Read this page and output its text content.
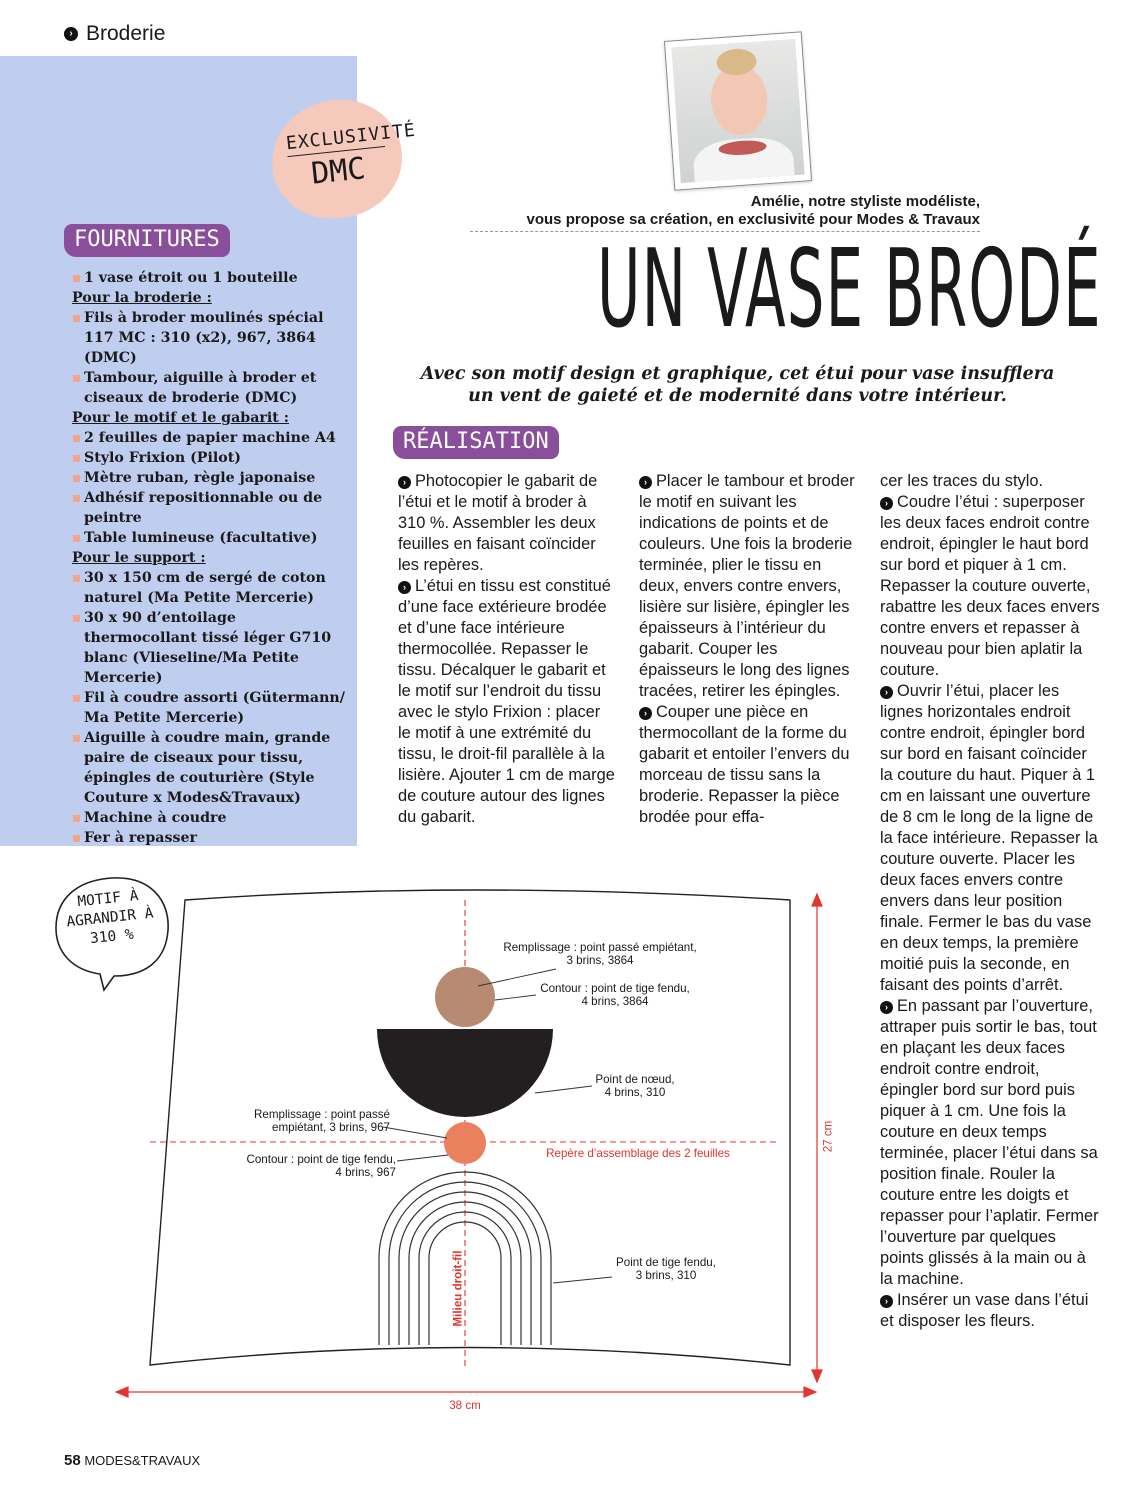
› Broderie
EXCLUSIVITÉ
DMC
FOURNITURES
1 vase étroit ou 1 bouteille
Pour la broderie :
Fils à broder moulinés spécial 117 MC : 310 (x2), 967, 3864 (DMC)
Tambour, aiguille à broder et ciseaux de broderie (DMC)
Pour le motif et le gabarit :
2 feuilles de papier machine A4
Stylo Frixion (Pilot)
Mètre ruban, règle japonaise
Adhésif repositionnable ou de peintre
Table lumineuse (facultative)
Pour le support :
30 x 150 cm de sergé de coton naturel (Ma Petite Mercerie)
30 x 90 d’entoilage thermocollant tissé léger G710 blanc (Vlieseline/Ma Petite Mercerie)
Fil à coudre assorti (Gütermann/ Ma Petite Mercerie)
Aiguille à coudre main, grande paire de ciseaux pour tissu, épingles de couturière (Style Couture x Modes&Travaux)
Machine à coudre
Fer à repasser
Amélie, notre styliste modéliste,
vous propose sa création, en exclusivité pour Modes & Travaux
UN VASE BRODÉ
Avec son motif design et graphique, cet étui pour vase insufflera
un vent de gaieté et de modernité dans votre intérieur.
RÉALISATION

› Photocopier le gabarit de l’étui et le motif à broder à 310 %. Assembler les deux feuilles en faisant coïncider les repères.

› L’étui en tissu est constitué d’une face extérieure brodée et d’une face intérieure thermocollée. Repasser le tissu. Décalquer le gabarit et le motif sur l’endroit du tissu avec le stylo Frixion : placer le motif à une extrémité du tissu, le droit-fil parallèle à la lisière. Ajouter 1 cm de marge de couture autour des lignes du gabarit.

› Placer le tambour et broder le motif en suivant les indications de points et de couleurs. Une fois la broderie terminée, plier le tissu en deux, envers contre envers, lisière sur lisière, épingler les épaisseurs à l’intérieur du gabarit. Couper les épaisseurs le long des lignes tracées, retirer les épingles.

› Couper une pièce en thermocollant de la forme du gabarit et entoiler l’envers du morceau de tissu sans la broderie. Repasser la pièce brodée pour effa-

cer les traces du stylo.

› Coudre l’étui : superposer les deux faces endroit contre endroit, épingler le haut bord sur bord et piquer à 1 cm. Repasser la couture ouverte, rabattre les deux faces envers contre envers et repasser à nouveau pour bien aplatir la couture.

› Ouvrir l’étui, placer les lignes horizontales endroit contre endroit, épingler bord sur bord en faisant coïncider la couture du haut. Piquer à 1 cm en laissant une ouverture de 8 cm le long de la ligne de la face intérieure. Repasser la couture ouverte. Placer les deux faces envers contre envers dans leur position finale. Fermer le bas du vase en deux temps, la première moitié puis la seconde, en faisant des points d’arrêt.

› En passant par l’ouverture, attraper puis sortir le bas, tout en plaçant les deux faces endroit contre endroit, épingler bord sur bord puis piquer à 1 cm. Une fois la couture en deux temps terminée, placer l’étui dans sa position finale. Rouler la couture entre les doigts et repasser pour l’aplatir. Fermer l’ouverture par quelques points glissés à la main ou à la machine.

› Insérer un vase dans l’étui et disposer les fleurs.

MOTIF À AGRANDIR À 310 %
Remplissage : point passé empiétant,
3 brins, 3864
Contour : point de tige fendu,
4 brins, 3864
Point de nœud,
4 brins, 310
Remplissage : point passé
empiétant, 3 brins, 967
Contour : point de tige fendu,
4 brins, 967
Repère d’assemblage des 2 feuilles
Milieu droit-fil	Point de tige fendu,
3 brins, 310
27 cm
38 cm
58 MODES&TRAVAUX
